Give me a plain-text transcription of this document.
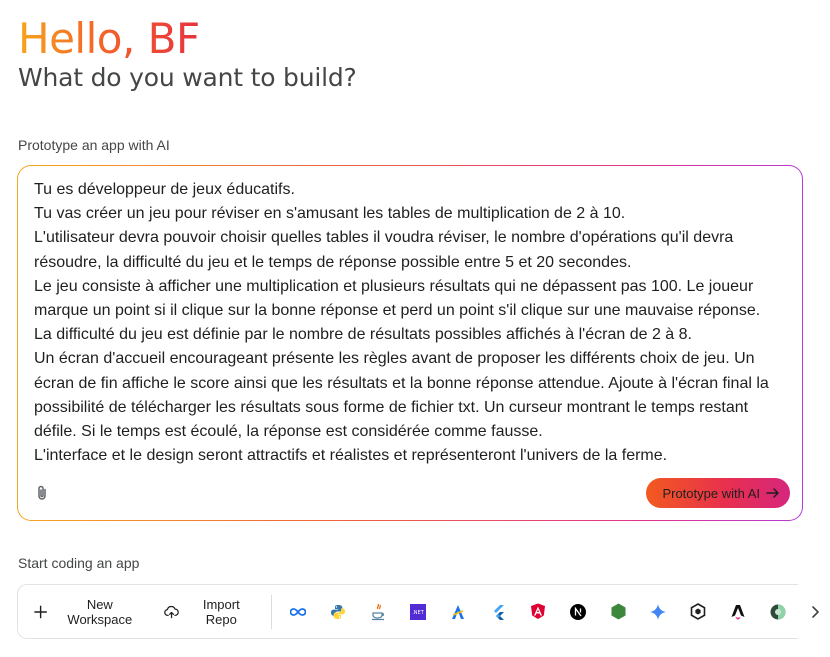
Hello, BF
What do you want to build?

Prototype an app with AI

Tu es développeur de jeux éducatifs.
Tu vas créer un jeu pour réviser en s'amusant les tables de multiplication de 2 à 10.
L'utilisateur devra pouvoir choisir quelles tables il voudra réviser, le nombre d'opérations qu'il devra résoudre, la difficulté du jeu et le temps de réponse possible entre 5 et 20 secondes.
Le jeu consiste à afficher une multiplication et plusieurs résultats qui ne dépassent pas 100. Le joueur marque un point si il clique sur la bonne réponse et perd un point s'il clique sur une mauvaise réponse.
La difficulté du jeu est définie par le nombre de résultats possibles affichés à l'écran de 2 à 8.
Un écran d'accueil encourageant présente les règles avant de proposer les différents choix de jeu. Un écran de fin affiche le score ainsi que les résultats et la bonne réponse attendue. Ajoute à l'écran final la possibilité de télécharger les résultats sous forme de fichier txt. Un curseur montrant le temps restant défile. Si le temps est écoulé, la réponse est considérée comme fausse.
L'interface et le design seront attractifs et réalistes et représenteront l'univers de la ferme.
Prototype with AI

Start coding an app

New Workspace
Import Repo	.NET
